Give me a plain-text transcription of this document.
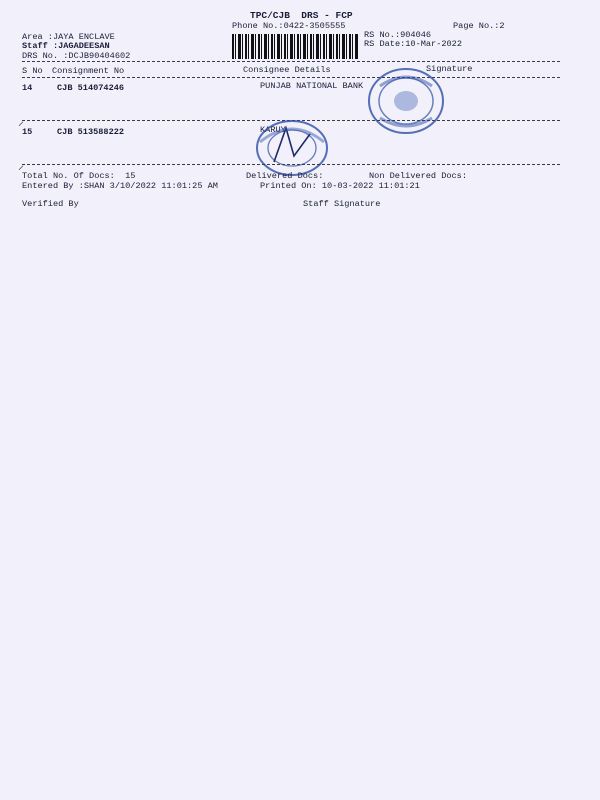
TPC/CJB  DRS - FCP
Phone No.:0422-3505555	Page No.:2
Area :JAYA ENCLAVE
Staff :JAGADEESAN
DRS No. :DCJB90404602
RS No.:904046
RS Date:10-Mar-2022
S No Consignment No	Consignee Details	Signature
14	CJB 514074246	PUNJAB NATIONAL BANK
⸝
15	CJB 513588222	KARUY
⸝
Total No. Of Docs:  15	Delivered Docs:	Non Delivered Docs:
Entered By :SHAN 3/10/2022 11:01:25 AM	Printed On: 10-03-2022 11:01:21
Verified By	Staff Signature
